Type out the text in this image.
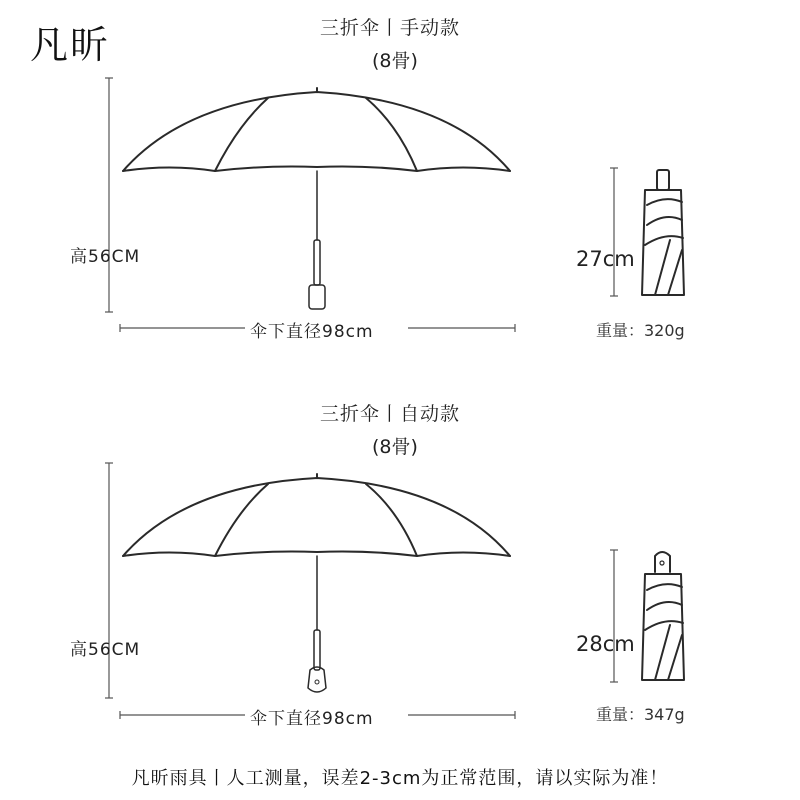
凡昕	三折伞丨手动款
(8骨)
高56CM
伞下直径98cm
27cm
重量：320g
三折伞丨自动款
(8骨)
高56CM
伞下直径98cm
28cm
重量：347g
凡昕雨具丨人工测量，误差2-3cm为正常范围，请以实际为准！
